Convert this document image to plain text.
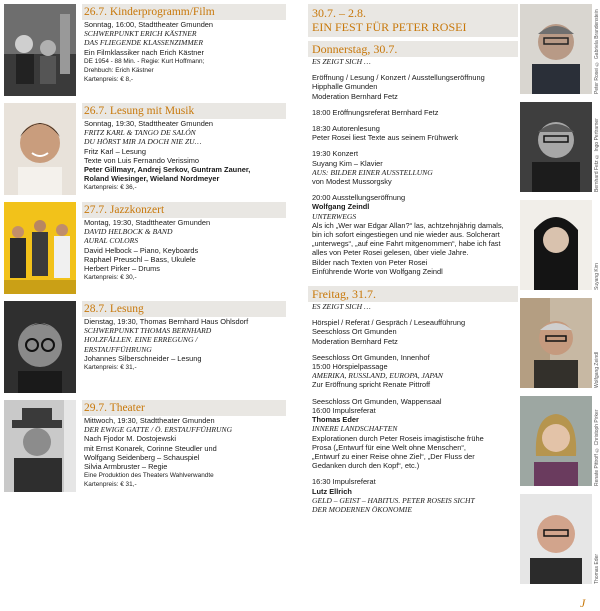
26.7. Kinderprogramm/Film
Sonntag, 16:00, Stadttheater Gmunden
SCHWERPUNKT ERICH KÄSTNER
DAS FLIEGENDE KLASSENZIMMER
Ein Filmklassiker nach Erich Kästner
DE 1954 - 88 Min. - Regie: Kurt Hoffmann;
Drehbuch: Erich Kästner
Kartenpreis: € 8,-
26.7. Lesung mit Musik
Sonntag, 19:30, Stadttheater Gmunden
FRITZ KARL & TANGO DE SALÓN
DU HÖRST MIR JA DOCH NIE ZU…
Fritz Karl – Lesung
Texte von Luis Fernando Verissimo
Peter Gillmayr, Andrej Serkov, Guntram Zauner,
Roland Wiesinger, Wieland Nordmeyer
Kartenpreis: € 36,-
27.7. Jazzkonzert
Montag, 19:30, Stadttheater Gmunden
DAVID HELBOCK & BAND
AURAL COLORS
David Helbock – Piano, Keyboards
Raphael Preuschl – Bass, Ukulele
Herbert Pirker – Drums
Kartenpreis: € 30,-
28.7. Lesung
Dienstag, 19:30, Thomas Bernhard Haus Ohlsdorf
SCHWERPUNKT THOMAS BERNHARD
HOLZFÄLLEN. EINE ERREGUNG /
ERSTAUFFÜHRUNG
Johannes Silberschneider – Lesung
Kartenpreis: € 31,-
29.7. Theater
Mittwoch, 19:30, Stadttheater Gmunden
DER EWIGE GATTE / Ö. ERSTAUFFÜHRUNG
Nach Fjodor M. Dostojewski
mit Ernst Konarek, Corinne Steudler und
Wolfgang Seidenberg – Schauspiel
Silvia Armbruster – Regie
Eine Produktion des Theaters Wahlverwandte
Kartenpreis: € 31,-
30.7. – 2.8.
EIN FEST FÜR PETER ROSEI
Donnerstag, 30.7.
ES ZEIGT SICH …
Eröffnung / Lesung / Konzert / Ausstellungseröffnung
Hipphalle Gmunden
Moderation Bernhard Fetz
18:00 Eröffnungsreferat Bernhard Fetz
18:30 Autorenlesung
Peter Rosei liest Texte aus seinem Frühwerk
19:30 Konzert
Suyang Kim – Klavier
AUS: BILDER EINER AUSSTELLUNG
von Modest Mussorgsky
20:00 Ausstellungseröffnung
Wolfgang Zeindl
UNTERWEGS
Als ich „Wer war Edgar Allan?“ las, achtzehnjährig damals,
bin ich sofort eingestiegen und nie wieder aus. Solcherart
„unterwegs“, „auf eine Fahrt mitgenommen“, habe ich fast
alles von Peter Rosei gelesen, über viele Jahre.
Bilder nach Texten von Peter Rosei
Einführende Worte von Wolfgang Zeindl
Freitag, 31.7.
ES ZEIGT SICH …
Hörspiel / Referat / Gespräch / Leseaufführung
Seeschloss Ort Gmunden
Moderation Bernhard Fetz
Seeschloss Ort Gmunden, Innenhof
15:00 Hörspielpassage
AMERIKA, RUSSLAND, EUROPA, JAPAN
Zur Eröffnung spricht Renate Pittroff
Seeschloss Ort Gmunden, Wappensaal
16:00 Impulsreferat
Thomas Eder
INNERE LANDSCHAFTEN
Explorationen durch Peter Roseis imagistische frühe
Prosa („Entwurf für eine Welt ohne Menschen“,
„Entwurf zu einer Reise ohne Ziel“, „Der Fluss der
Gedanken durch den Kopf“, etc.)
16:30 Impulsreferat
Lutz Ellrich
GELD – GEIST – HABITUS. PETER ROSEIS SICHT
DER MODERNEN ÖKONOMIE
Peter Rosei © Gabriela Brandenstein
Bernhard Fetz © Ingo Pertramer
Suyang Kim
Wolfgang Zeindl
Renate Pittroff © Christoph Pirker
Thomas Eder
J
